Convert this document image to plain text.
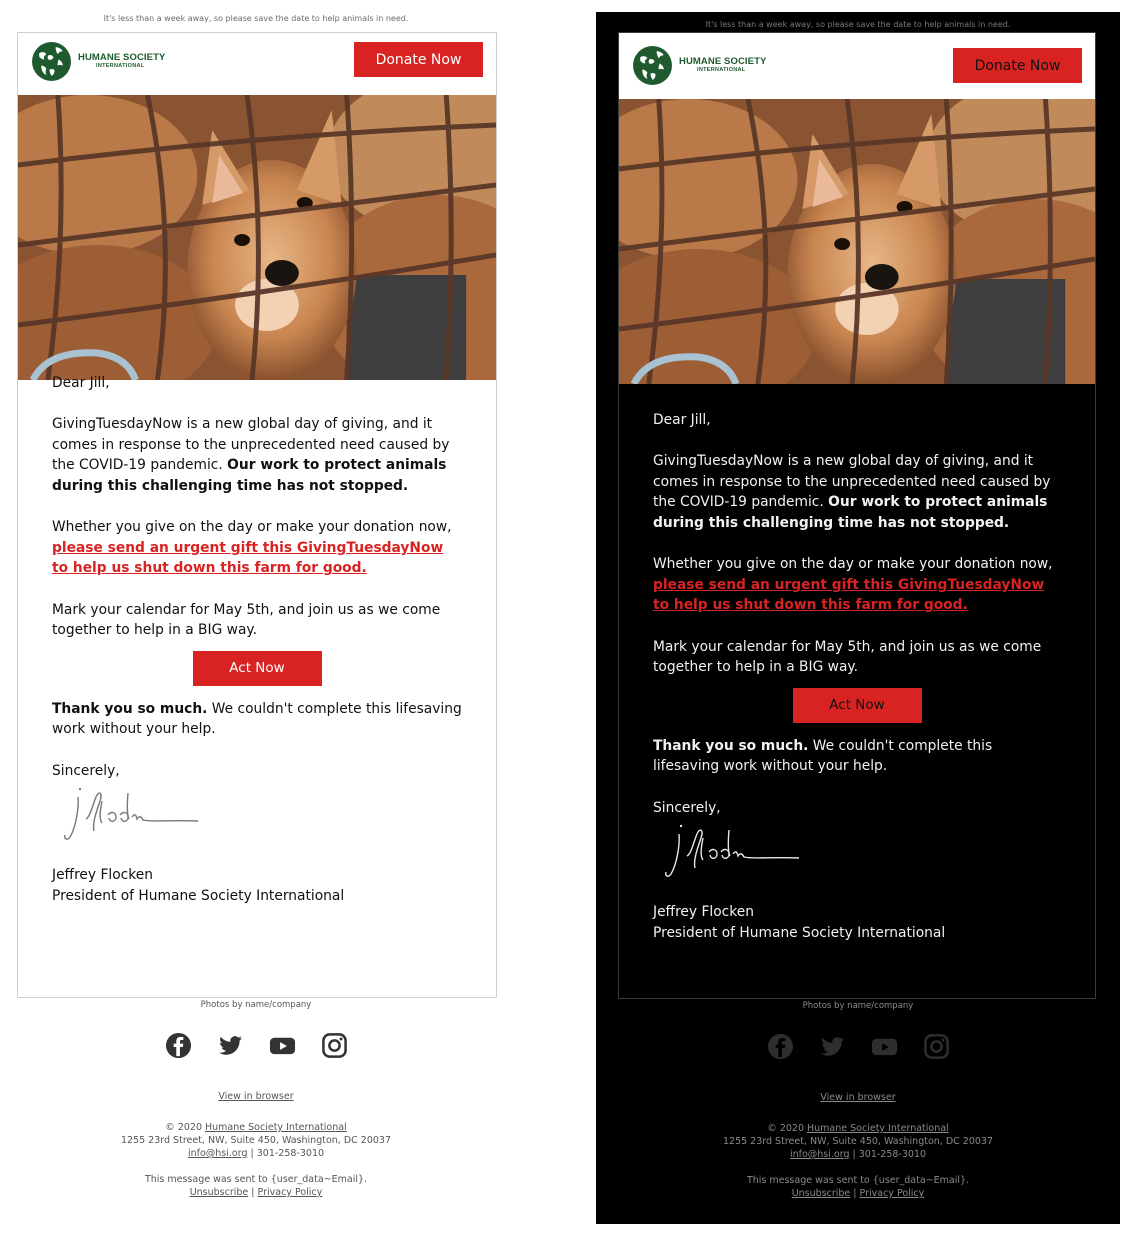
It's less than a week away, so please save the date to help animals in need.
HUMANE SOCIETY
INTERNATIONAL	Donate Now

Dear Jill,

GivingTuesdayNow is a new global day of giving, and it comes in response to the unprecedented need caused by the COVID-19 pandemic. Our work to protect animals during this challenging time has not stopped.

Whether you give on the day or make your donation now, please send an urgent gift this GivingTuesdayNow to help us shut down this farm for good.

Mark your calendar for May 5th, and join us as we come together to help in a BIG way.

Act Now

Thank you so much. We couldn't complete this lifesaving work without your help.

Sincerely,

Jeffrey Flocken

President of Humane Society International

Photos by name/company
View in browser
© 2020 Humane Society International
1255 23rd Street, NW, Suite 450, Washington, DC 20037
info@hsi.org | 301-258-3010
This message was sent to {user_data~Email}.
Unsubscribe | Privacy Policy
It's less than a week away, so please save the date to help animals in need.
HUMANE SOCIETY
INTERNATIONAL	Donate Now

Dear Jill,

GivingTuesdayNow is a new global day of giving, and it comes in response to the unprecedented need caused by the COVID-19 pandemic. Our work to protect animals during this challenging time has not stopped.

Whether you give on the day or make your donation now, please send an urgent gift this GivingTuesdayNow to help us shut down this farm for good.

Mark your calendar for May 5th, and join us as we come together to help in a BIG way.

Act Now

Thank you so much. We couldn't complete this lifesaving work without your help.

Sincerely,

Jeffrey Flocken

President of Humane Society International

Photos by name/company
View in browser
© 2020 Humane Society International
1255 23rd Street, NW, Suite 450, Washington, DC 20037
info@hsi.org | 301-258-3010
This message was sent to {user_data~Email}.
Unsubscribe | Privacy Policy
